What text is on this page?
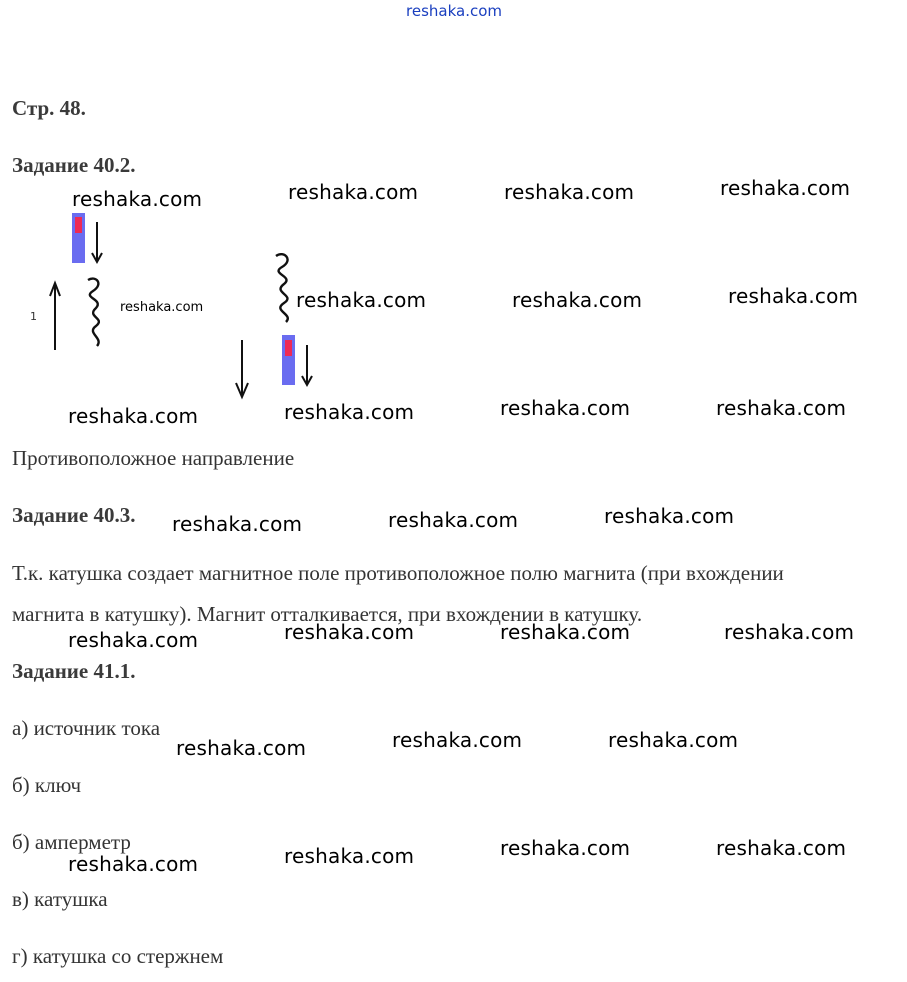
reshaka.com
Стр. 48.
Задание 40.2.
1
Противоположное направление
Задание 40.3.
Т.к. катушка создает магнитное поле противоположное полю магнита (при вхождении
магнита в катушку). Магнит отталкивается, при вхождении в катушку.
Задание 41.1.
а) источник тока
б) ключ
б) амперметр
в) катушка
г) катушка со стержнем
reshaka.com	reshaka.com	reshaka.com	reshaka.com
reshaka.com	reshaka.com	reshaka.com	reshaka.com
reshaka.com	reshaka.com	reshaka.com	reshaka.com
reshaka.com	reshaka.com	reshaka.com
reshaka.com	reshaka.com	reshaka.com	reshaka.com
reshaka.com	reshaka.com	reshaka.com
reshaka.com	reshaka.com	reshaka.com	reshaka.com
